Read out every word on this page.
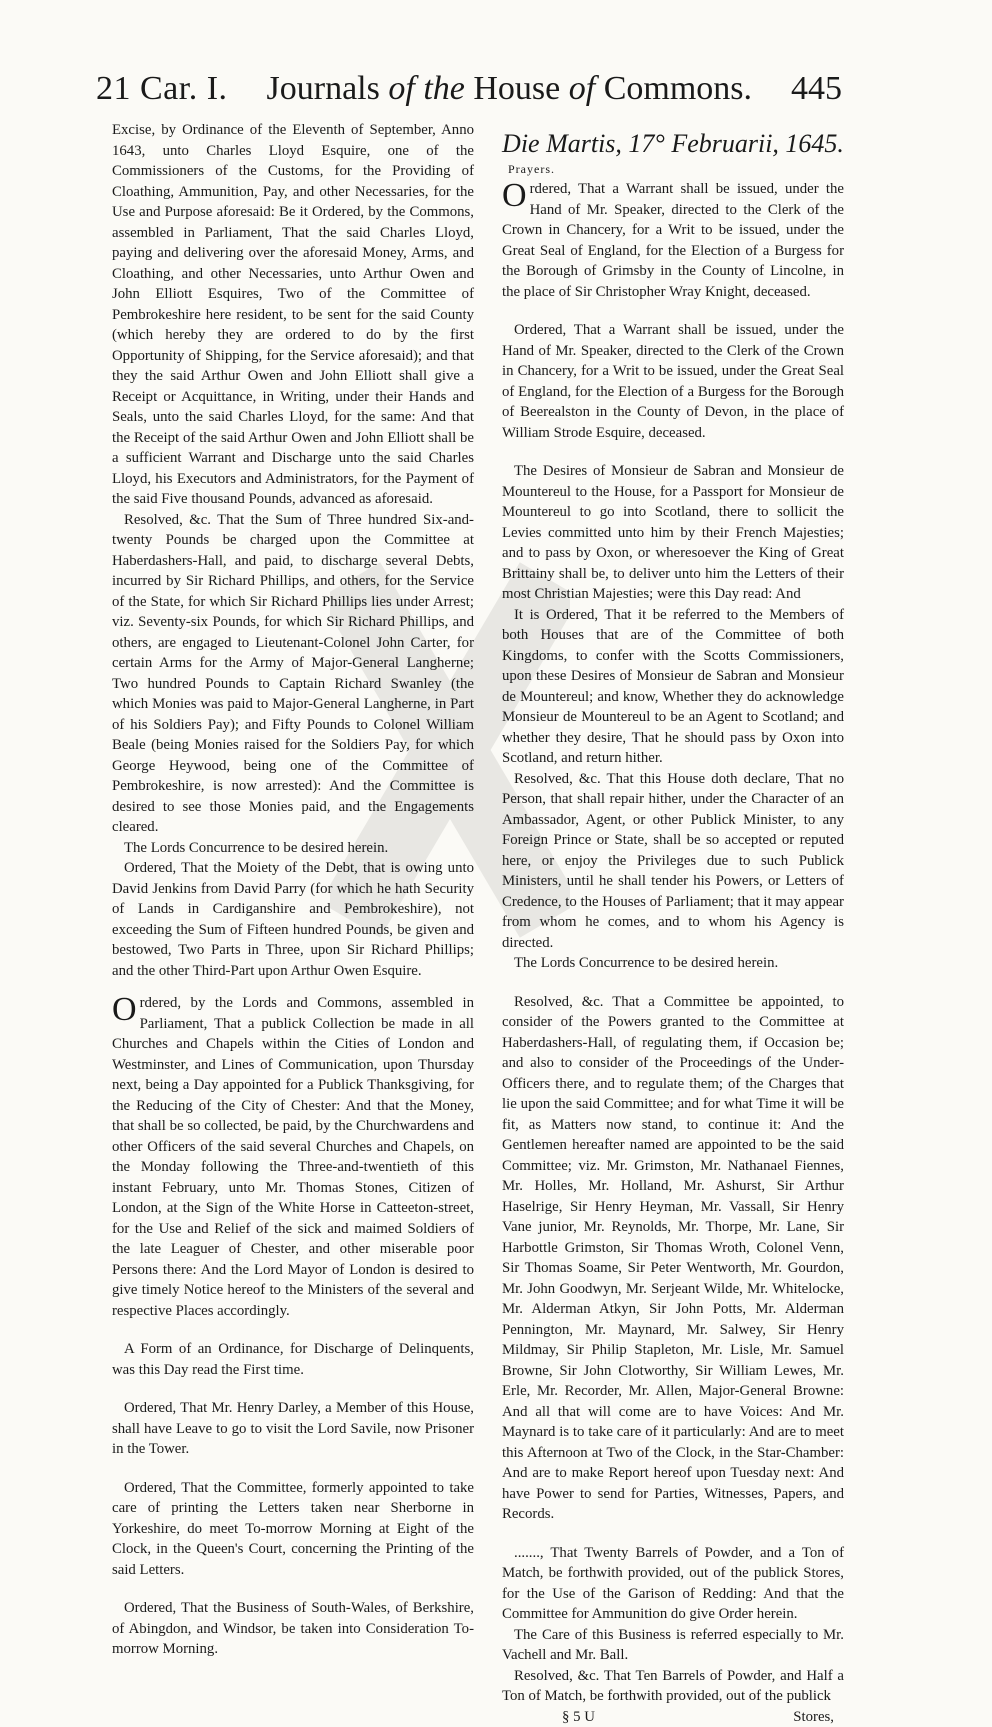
21 Car. I. Journals of the House of Commons. 445

Excise, by Ordinance of the Eleventh of September, Anno 1643, unto Charles Lloyd Esquire, one of the Commissioners of the Customs, for the Providing of Cloathing, Ammunition, Pay, and other Necessaries, for the Use and Purpose aforesaid: Be it Ordered, by the Commons, assembled in Parliament, That the said Charles Lloyd, paying and delivering over the aforesaid Money, Arms, and Cloathing, and other Necessaries, unto Arthur Owen and John Elliott Esquires, Two of the Committee of Pembrokeshire here resident, to be sent for the said County (which hereby they are ordered to do by the first Opportunity of Shipping, for the Service aforesaid); and that they the said Arthur Owen and John Elliott shall give a Receipt or Acquittance, in Writing, under their Hands and Seals, unto the said Charles Lloyd, for the same: And that the Receipt of the said Arthur Owen and John Elliott shall be a sufficient Warrant and Discharge unto the said Charles Lloyd, his Executors and Administrators, for the Payment of the said Five thousand Pounds, advanced as aforesaid.

Resolved, &c. That the Sum of Three hundred Six-and-twenty Pounds be charged upon the Committee at Haberdashers-Hall, and paid, to discharge several Debts, incurred by Sir Richard Phillips, and others, for the Service of the State, for which Sir Richard Phillips lies under Arrest; viz. Seventy-six Pounds, for which Sir Richard Phillips, and others, are engaged to Lieutenant-Colonel John Carter, for certain Arms for the Army of Major-General Langherne; Two hundred Pounds to Captain Richard Swanley (the which Monies was paid to Major-General Langherne, in Part of his Soldiers Pay); and Fifty Pounds to Colonel William Beale (being Monies raised for the Soldiers Pay, for which George Heywood, being one of the Committee of Pembrokeshire, is now arrested): And the Committee is desired to see those Monies paid, and the Engagements cleared.

The Lords Concurrence to be desired herein.

Ordered, That the Moiety of the Debt, that is owing unto David Jenkins from David Parry (for which he hath Security of Lands in Cardiganshire and Pembrokeshire), not exceeding the Sum of Fifteen hundred Pounds, be given and bestowed, Two Parts in Three, upon Sir Richard Phillips; and the other Third-Part upon Arthur Owen Esquire.

Ordered, by the Lords and Commons, assembled in Parliament, That a publick Collection be made in all Churches and Chapels within the Cities of London and Westminster, and Lines of Communication, upon Thursday next, being a Day appointed for a Publick Thanksgiving, for the Reducing of the City of Chester: And that the Money, that shall be so collected, be paid, by the Churchwardens and other Officers of the said several Churches and Chapels, on the Monday following the Three-and-twentieth of this instant February, unto Mr. Thomas Stones, Citizen of London, at the Sign of the White Horse in Catteeton-street, for the Use and Relief of the sick and maimed Soldiers of the late Leaguer of Chester, and other miserable poor Persons there: And the Lord Mayor of London is desired to give timely Notice hereof to the Ministers of the several and respective Places accordingly.

A Form of an Ordinance, for Discharge of Delinquents, was this Day read the First time.

Ordered, That Mr. Henry Darley, a Member of this House, shall have Leave to go to visit the Lord Savile, now Prisoner in the Tower.

Ordered, That the Committee, formerly appointed to take care of printing the Letters taken near Sherborne in Yorkeshire, do meet To-morrow Morning at Eight of the Clock, in the Queen's Court, concerning the Printing of the said Letters.

Ordered, That the Business of South-Wales, of Berkshire, of Abingdon, and Windsor, be taken into Consideration To-morrow Morning.

Die Martis, 17° Februarii, 1645.

Prayers.

Ordered, That a Warrant shall be issued, under the Hand of Mr. Speaker, directed to the Clerk of the Crown in Chancery, for a Writ to be issued, under the Great Seal of England, for the Election of a Burgess for the Borough of Grimsby in the County of Lincolne, in the place of Sir Christopher Wray Knight, deceased.

Ordered, That a Warrant shall be issued, under the Hand of Mr. Speaker, directed to the Clerk of the Crown in Chancery, for a Writ to be issued, under the Great Seal of England, for the Election of a Burgess for the Borough of Beerealston in the County of Devon, in the place of William Strode Esquire, deceased.

The Desires of Monsieur de Sabran and Monsieur de Mountereul to the House, for a Passport for Monsieur de Mountereul to go into Scotland, there to sollicit the Levies committed unto him by their French Majesties; and to pass by Oxon, or wheresoever the King of Great Brittainy shall be, to deliver unto him the Letters of their most Christian Majesties; were this Day read: And

It is Ordered, That it be referred to the Members of both Houses that are of the Committee of both Kingdoms, to confer with the Scotts Commissioners, upon these Desires of Monsieur de Sabran and Monsieur de Mountereul; and know, Whether they do acknowledge Monsieur de Mountereul to be an Agent to Scotland; and whether they desire, That he should pass by Oxon into Scotland, and return hither.

Resolved, &c. That this House doth declare, That no Person, that shall repair hither, under the Character of an Ambassador, Agent, or other Publick Minister, to any Foreign Prince or State, shall be so accepted or reputed here, or enjoy the Privileges due to such Publick Ministers, until he shall tender his Powers, or Letters of Credence, to the Houses of Parliament; that it may appear from whom he comes, and to whom his Agency is directed.

The Lords Concurrence to be desired herein.

Resolved, &c. That a Committee be appointed, to consider of the Powers granted to the Committee at Haberdashers-Hall, of regulating them, if Occasion be; and also to consider of the Proceedings of the Under-Officers there, and to regulate them; of the Charges that lie upon the said Committee; and for what Time it will be fit, as Matters now stand, to continue it: And the Gentlemen hereafter named are appointed to be the said Committee; viz. Mr. Grimston, Mr. Nathanael Fiennes, Mr. Holles, Mr. Holland, Mr. Ashurst, Sir Arthur Haselrige, Sir Henry Heyman, Mr. Vassall, Sir Henry Vane junior, Mr. Reynolds, Mr. Thorpe, Mr. Lane, Sir Harbottle Grimston, Sir Thomas Wroth, Colonel Venn, Sir Thomas Soame, Sir Peter Wentworth, Mr. Gourdon, Mr. John Goodwyn, Mr. Serjeant Wilde, Mr. Whitelocke, Mr. Alderman Atkyn, Sir John Potts, Mr. Alderman Pennington, Mr. Maynard, Mr. Salwey, Sir Henry Mildmay, Sir Philip Stapleton, Mr. Lisle, Mr. Samuel Browne, Sir John Clotworthy, Sir William Lewes, Mr. Erle, Mr. Recorder, Mr. Allen, Major-General Browne: And all that will come are to have Voices: And Mr. Maynard is to take care of it particularly: And are to meet this Afternoon at Two of the Clock, in the Star-Chamber: And are to make Report hereof upon Tuesday next: And have Power to send for Parties, Witnesses, Papers, and Records.

......., That Twenty Barrels of Powder, and a Ton of Match, be forthwith provided, out of the publick Stores, for the Use of the Garison of Redding: And that the Committee for Ammunition do give Order herein.

The Care of this Business is referred especially to Mr. Vachell and Mr. Ball.

Resolved, &c. That Ten Barrels of Powder, and Half a Ton of Match, be forthwith provided, out of the publick

§ 5 U	Stores,
